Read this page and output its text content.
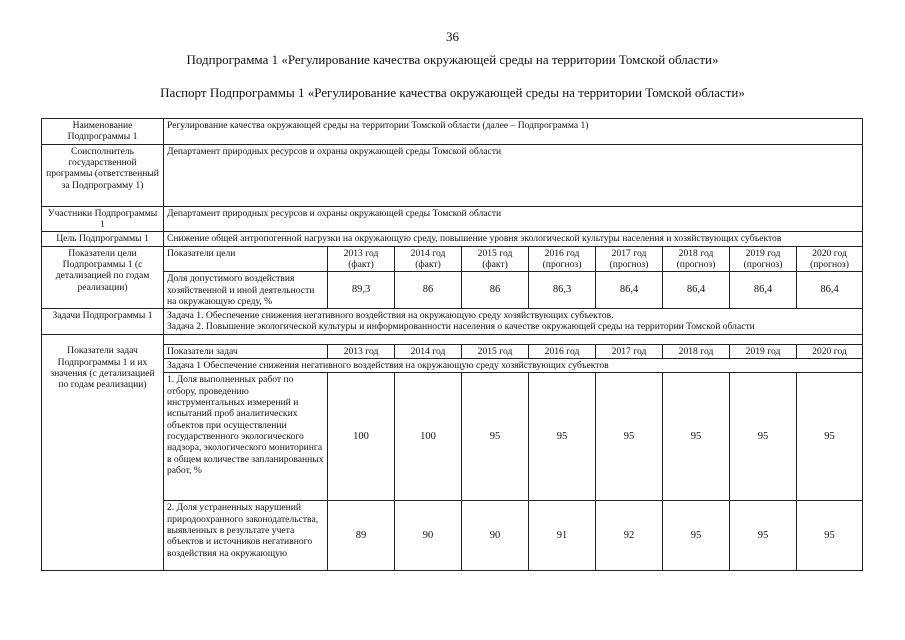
36
Подпрограмма 1 «Регулирование качества окружающей среды на территории Томской области»
Паспорт Подпрограммы 1 «Регулирование качества окружающей среды на территории Томской области»
Наименование Подпрограммы 1	Регулирование качества окружающей среды на территории Томской области (далее – Подпрограмма 1)								
Соисполнитель государственной программы (ответственный за Подпрограмму 1)	Департамент природных ресурсов и охраны окружающей среды Томской области								
Участники Подпрограммы 1	Департамент природных ресурсов и охраны окружающей среды Томской области								
Цель Подпрограммы 1	Снижение общей антропогенной нагрузки на окружающую среду, повышение уровня экологической культуры населения и хозяйствующих субъектов								
Показатели цели Подпрограммы 1 (с детализацией по годам реализации)	Показатели цели	2013 год (факт)	2014 год (факт)	2015 год (факт)	2016 год (прогноз)	2017 год (прогноз)	2018 год (прогноз)	2019 год (прогноз)	2020 год (прогноз)
	Доля допустимого воздействия хозяйственной и иной деятельности на окружающую среду, %	89,3	86	86	86,3	86,4	86,4	86,4	86,4
Задачи Подпрограммы 1	Задача 1. Обеспечение снижения негативного воздействия на окружающую среду хозяйствующих субъектов.
Задача 2. Повышение экологической культуры и информированности населения о качестве окружающей среды на территории Томской области								

Показатели задач Подпрограммы 1 и их значения (с детализацией по годам реализации)	Показатели задач	2013 год	2014 год	2015 год	2016 год	2017 год	2018 год	2019 год	2020 год
	Задача 1 Обеспечение снижения негативного воздействия на окружающую среду хозяйствующих субъектов								
	1. Доля выполненных работ по отбору, проведению инструментальных измерений и испытаний проб аналитических объектов при осуществлении государственного экологического надзора, экологического мониторинга в общем количестве запланированных работ, %	100	100	95	95	95	95	95	95
	2. Доля устраненных нарушений природоохранного законодательства, выявленных в результате учета объектов и источников негативного воздействия на окружающую	89	90	90	91	92	95	95	95
